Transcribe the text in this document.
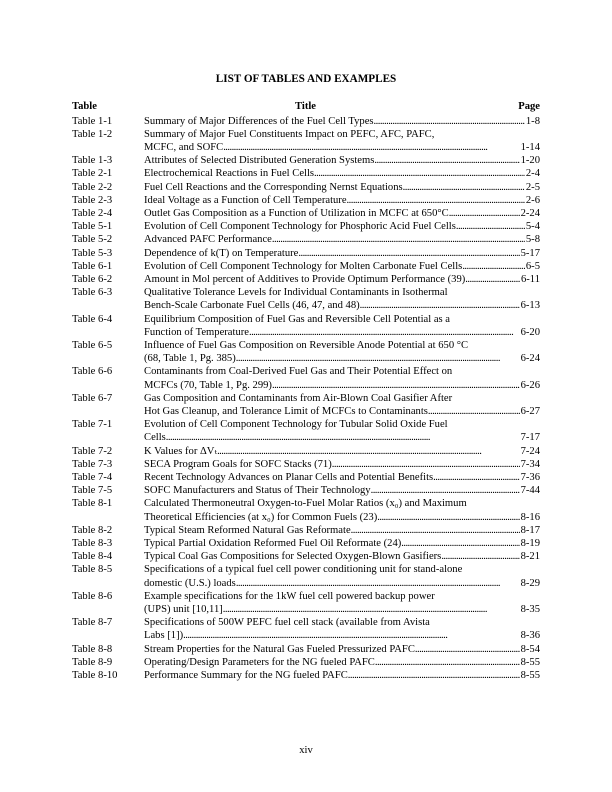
LIST OF TABLES AND EXAMPLES
Table	Title	Page
Table 1-1	Summary of Major Differences of the Fuel Cell Types . . .	1-8
Table 1-2	Summary of Major Fuel Constituents Impact on PEFC, AFC, PAFC,
MCFC, and SOFC . . .	1-14
Table 1-3	Attributes of Selected Distributed Generation Systems . . .	1-20
Table 2-1	Electrochemical Reactions in Fuel Cells . . .	2-4
Table 2-2	Fuel Cell Reactions and the Corresponding Nernst Equations . . .	2-5
Table 2-3	Ideal Voltage as a Function of Cell Temperature . . .	2-6
Table 2-4	Outlet Gas Composition as a Function of Utilization in MCFC at 650°C . . .	2-24
Table 5-1	Evolution of Cell Component Technology for Phosphoric Acid Fuel Cells . . .	5-4
Table 5-2	Advanced PAFC Performance . . .	5-8
Table 5-3	Dependence of k(T) on Temperature . . .	5-17
Table 6-1	Evolution of Cell Component Technology for Molten Carbonate Fuel Cells . . .	6-5
Table 6-2	Amount in Mol percent of Additives to Provide Optimum Performance (39) . . .	6-11
Table 6-3	Qualitative Tolerance Levels for Individual Contaminants in Isothermal
Bench-Scale Carbonate Fuel Cells (46, 47, and 48) . . .	6-13
Table 6-4	Equilibrium Composition of Fuel Gas and Reversible Cell Potential as a
Function of Temperature . . .	6-20
Table 6-5	Influence of Fuel Gas Composition on Reversible Anode Potential at 650 °C
(68, Table 1, Pg. 385) . . .	6-24
Table 6-6	Contaminants from Coal-Derived Fuel Gas and Their Potential Effect on
MCFCs (70, Table 1, Pg. 299) . . .	6-26
Table 6-7	Gas Composition and Contaminants from Air-Blown Coal Gasifier After
Hot Gas Cleanup, and Tolerance Limit of MCFCs to Contaminants . . .	6-27
Table 7-1	Evolution of Cell Component Technology for Tubular Solid Oxide Fuel
Cells . . .	7-17
Table 7-2	K Values for ΔVₜ . . .	7-24
Table 7-3	SECA Program Goals for SOFC Stacks (71) . . .	7-34
Table 7-4	Recent Technology Advances on Planar Cells and Potential Benefits . . .	7-36
Table 7-5	SOFC Manufacturers and Status of Their Technology . . .	7-44
Table 8-1	Calculated Thermoneutral Oxygen-to-Fuel Molar Ratios (x₀) and Maximum
Theoretical Efficiencies (at x₀) for Common Fuels (23) . . .	8-16
Table 8-2	Typical Steam Reformed Natural Gas Reformate . . .	8-17
Table 8-3	Typical Partial Oxidation Reformed Fuel Oil Reformate (24) . . .	8-19
Table 8-4	Typical Coal Gas Compositions for Selected Oxygen-Blown Gasifiers . . .	8-21
Table 8-5	Specifications of a typical fuel cell power conditioning unit for stand-alone
domestic (U.S.) loads . . .	8-29
Table 8-6	Example specifications for the 1kW fuel cell powered backup power
(UPS) unit [10,11] . . .	8-35
Table 8-7	Specifications of 500W PEFC fuel cell stack (available from Avista
Labs [1]) . . .	8-36
Table 8-8	Stream Properties for the Natural Gas Fueled Pressurized PAFC . . .	8-54
Table 8-9	Operating/Design Parameters for the NG fueled PAFC . . .	8-55
Table 8-10	Performance Summary for the NG fueled PAFC . . .	8-55
xiv
